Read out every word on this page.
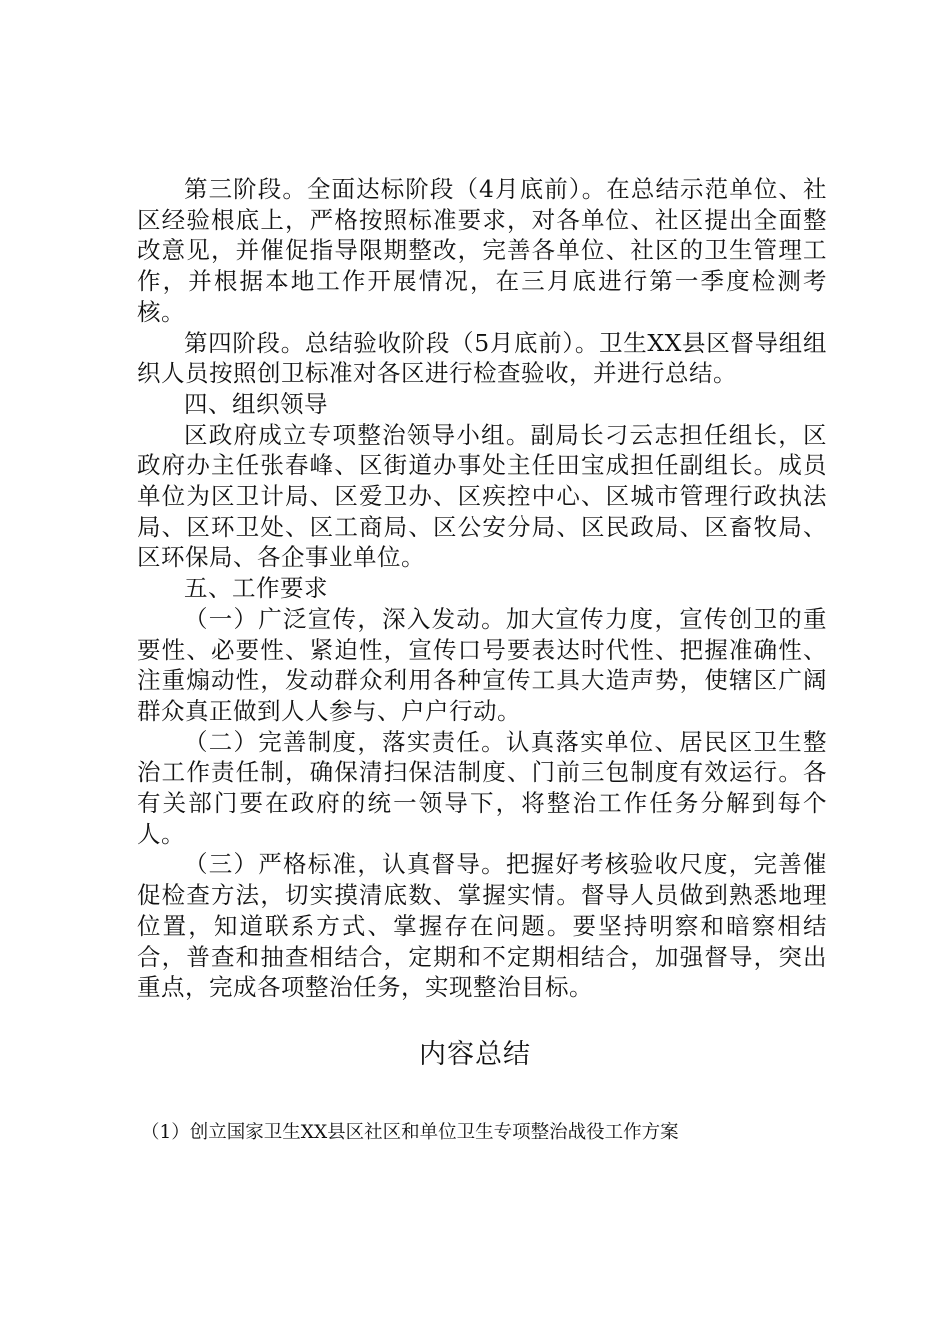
第三阶段。全面达标阶段（4月底前）。在总结示范单位、社区经验根底上，严格按照标准要求，对各单位、社区提出全面整改意见，并催促指导限期整改，完善各单位、社区的卫生管理工作，并根据本地工作开展情况，在三月底进行第一季度检测考核。

第四阶段。总结验收阶段（5月底前）。卫生XX县区督导组组织人员按照创卫标准对各区进行检查验收，并进行总结。

四、组织领导

区政府成立专项整治领导小组。副局长刁云志担任组长，区政府办主任张春峰、区街道办事处主任田宝成担任副组长。成员单位为区卫计局、区爱卫办、区疾控中心、区城市管理行政执法局、区环卫处、区工商局、区公安分局、区民政局、区畜牧局、区环保局、各企事业单位。

五、工作要求

（一）广泛宣传，深入发动。加大宣传力度，宣传创卫的重要性、必要性、紧迫性，宣传口号要表达时代性、把握准确性、注重煽动性，发动群众利用各种宣传工具大造声势，使辖区广阔群众真正做到人人参与、户户行动。

（二）完善制度，落实责任。认真落实单位、居民区卫生整治工作责任制，确保清扫保洁制度、门前三包制度有效运行。各有关部门要在政府的统一领导下，将整治工作任务分解到每个人。

（三）严格标准，认真督导。把握好考核验收尺度，完善催促检查方法，切实摸清底数、掌握实情。督导人员做到熟悉地理位置，知道联系方式、掌握存在问题。要坚持明察和暗察相结合，普查和抽查相结合，定期和不定期相结合，加强督导，突出重点，完成各项整治任务，实现整治目标。

内容总结

（1）创立国家卫生XX县区社区和单位卫生专项整治战役工作方案
